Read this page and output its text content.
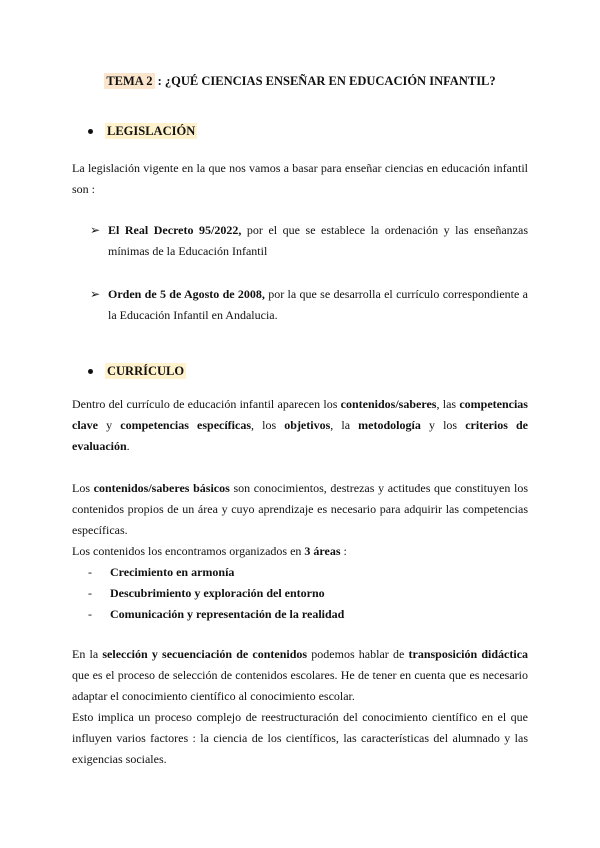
TEMA 2 : ¿QUÉ CIENCIAS ENSEÑAR EN EDUCACIÓN INFANTIL?
LEGISLACIÓN
La legislación vigente en la que nos vamos a basar para enseñar ciencias en educación infantil son :
➢ El Real Decreto 95/2022, por el que se establece la ordenación y las enseñanzas mínimas de la Educación Infantil
➢ Orden de 5 de Agosto de 2008, por la que se desarrolla el currículo correspondiente a la Educación Infantil en Andalucia.
CURRÍCULO
Dentro del currículo de educación infantil aparecen los contenidos/saberes, las competencias clave y competencias específicas, los objetivos, la metodología y los criterios de evaluación.
Los contenidos/saberes básicos son conocimientos, destrezas y actitudes que constituyen los contenidos propios de un área y cuyo aprendizaje es necesario para adquirir las competencias específicas.
Los contenidos los encontramos organizados en 3 áreas :
- Crecimiento en armonía
- Descubrimiento y exploración del entorno
- Comunicación y representación de la realidad
En la selección y secuenciación de contenidos podemos hablar de transposición didáctica que es el proceso de selección de contenidos escolares. He de tener en cuenta que es necesario adaptar el conocimiento científico al conocimiento escolar.
Esto implica un proceso complejo de reestructuración del conocimiento científico en el que influyen varios factores : la ciencia de los científicos, las características del alumnado y las exigencias sociales.
